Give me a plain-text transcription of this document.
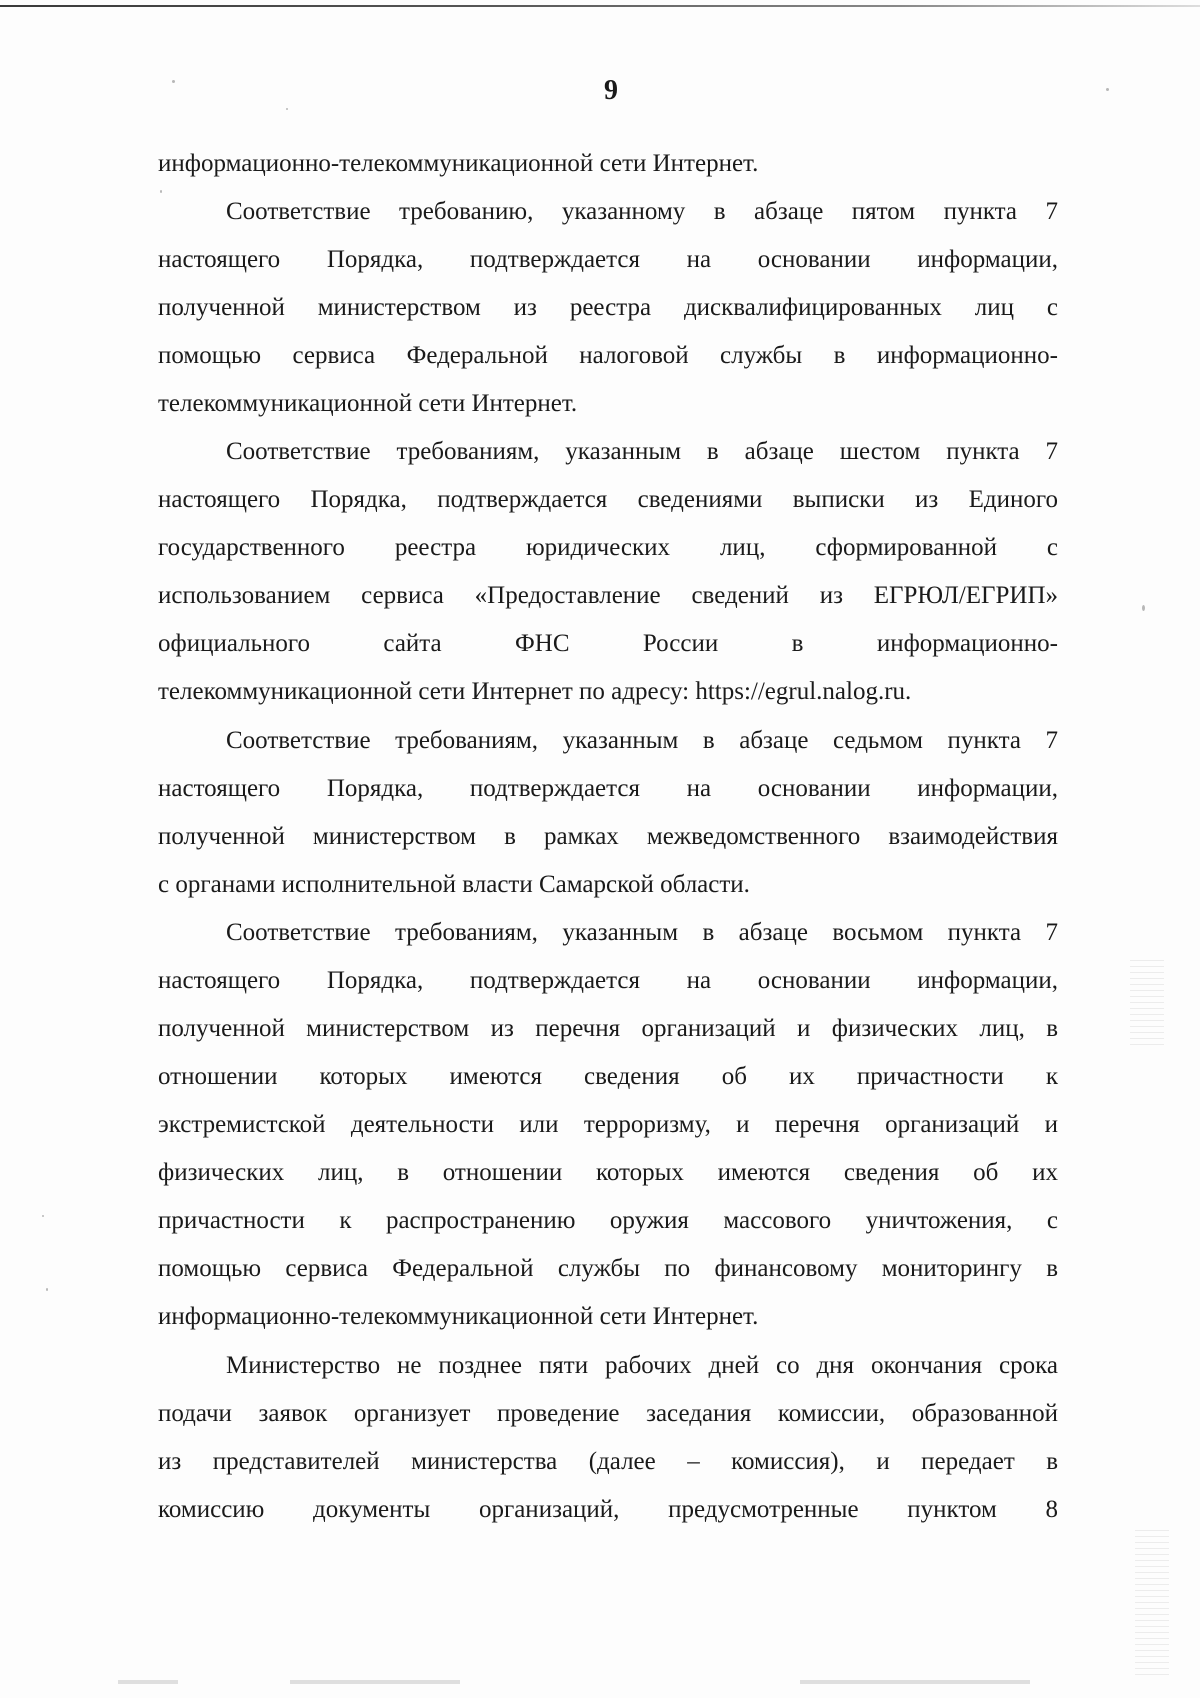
9
информационно-телекоммуникационной сети Интернет.
Соответствие требованию, указанному в абзаце пятом пункта 7
настоящего Порядка, подтверждается на основании информации,
полученной министерством из реестра дисквалифицированных лиц с
помощью сервиса Федеральной налоговой службы в информационно-
телекоммуникационной сети Интернет.
Соответствие требованиям, указанным в абзаце шестом пункта 7
настоящего Порядка, подтверждается сведениями выписки из Единого
государственного реестра юридических лиц, сформированной с
использованием сервиса «Предоставление сведений из ЕГРЮЛ/ЕГРИП»
официального сайта ФНС России в информационно-
телекоммуникационной сети Интернет по адресу: https://egrul.nalog.ru.
Соответствие требованиям, указанным в абзаце седьмом пункта 7
настоящего Порядка, подтверждается на основании информации,
полученной министерством в рамках межведомственного взаимодействия
с органами исполнительной власти Самарской области.
Соответствие требованиям, указанным в абзаце восьмом пункта 7
настоящего Порядка, подтверждается на основании информации,
полученной министерством из перечня организаций и физических лиц, в
отношении которых имеются сведения об их причастности к
экстремистской деятельности или терроризму, и перечня организаций и
физических лиц, в отношении которых имеются сведения об их
причастности к распространению оружия массового уничтожения, с
помощью сервиса Федеральной службы по финансовому мониторингу в
информационно-телекоммуникационной сети Интернет.
Министерство не позднее пяти рабочих дней со дня окончания срока
подачи заявок организует проведение заседания комиссии, образованной
из представителей министерства (далее – комиссия), и передает в
комиссию документы организаций, предусмотренные пунктом 8
